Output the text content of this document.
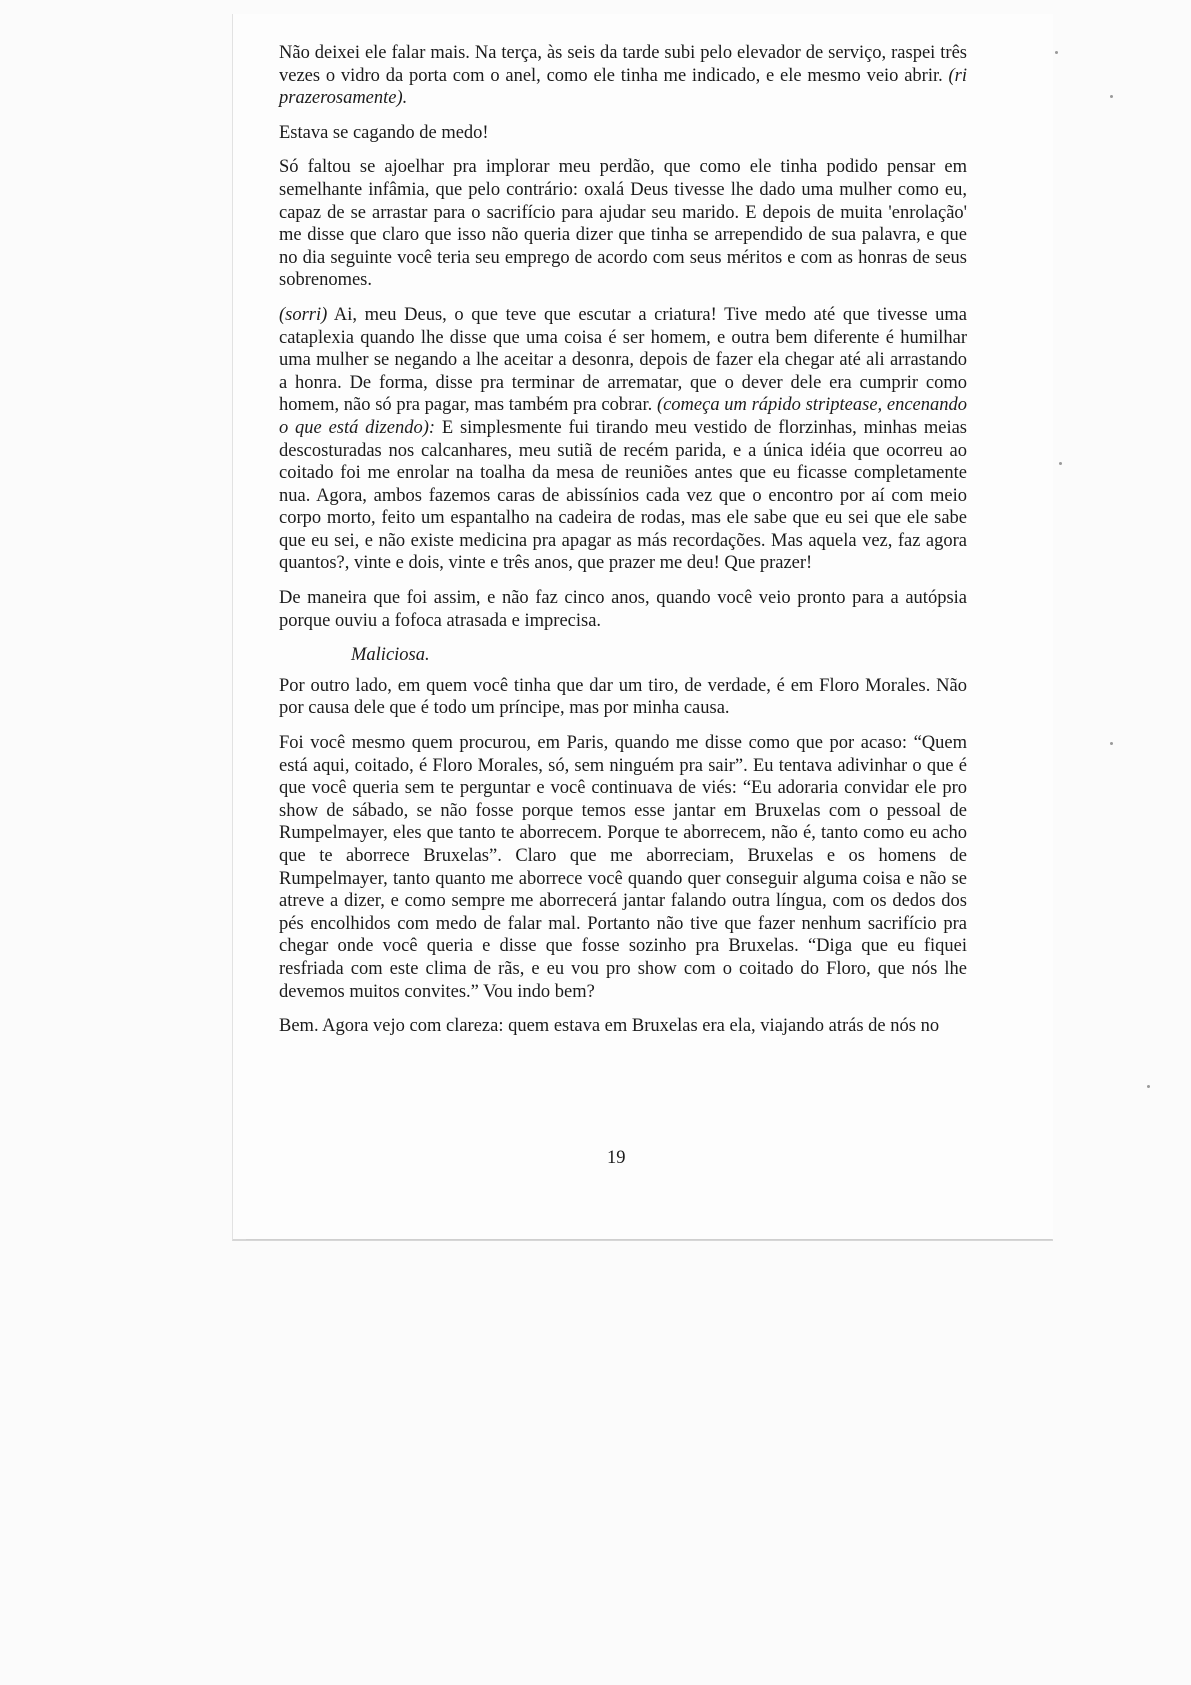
Não deixei ele falar mais. Na terça, às seis da tarde subi pelo elevador de serviço, raspei três vezes o vidro da porta com o anel, como ele tinha me indicado, e ele mesmo veio abrir. (ri prazerosamente).

Estava se cagando de medo!

Só faltou se ajoelhar pra implorar meu perdão, que como ele tinha podido pensar em semelhante infâmia, que pelo contrário: oxalá Deus tivesse lhe dado uma mulher como eu, capaz de se arrastar para o sacrifício para ajudar seu marido. E depois de muita 'enrolação' me disse que claro que isso não queria dizer que tinha se arrependido de sua palavra, e que no dia seguinte você teria seu emprego de acordo com seus méritos e com as honras de seus sobrenomes.

(sorri) Ai, meu Deus, o que teve que escutar a criatura! Tive medo até que tivesse uma cataplexia quando lhe disse que uma coisa é ser homem, e outra bem diferente é humilhar uma mulher se negando a lhe aceitar a desonra, depois de fazer ela chegar até ali arrastando a honra. De forma, disse pra terminar de arrematar, que o dever dele era cumprir como homem, não só pra pagar, mas também pra cobrar. (começa um rápido striptease, encenando o que está dizendo): E simplesmente fui tirando meu vestido de florzinhas, minhas meias descosturadas nos calcanhares, meu sutiã de recém parida, e a única idéia que ocorreu ao coitado foi me enrolar na toalha da mesa de reuniões antes que eu ficasse completamente nua. Agora, ambos fazemos caras de abissínios cada vez que o encontro por aí com meio corpo morto, feito um espantalho na cadeira de rodas, mas ele sabe que eu sei que ele sabe que eu sei, e não existe medicina pra apagar as más recordações. Mas aquela vez, faz agora quantos?, vinte e dois, vinte e três anos, que prazer me deu! Que prazer!

De maneira que foi assim, e não faz cinco anos, quando você veio pronto para a autópsia porque ouviu a fofoca atrasada e imprecisa.

Maliciosa.

Por outro lado, em quem você tinha que dar um tiro, de verdade, é em Floro Morales. Não por causa dele que é todo um príncipe, mas por minha causa.

Foi você mesmo quem procurou, em Paris, quando me disse como que por acaso: “Quem está aqui, coitado, é Floro Morales, só, sem ninguém pra sair”. Eu tentava adivinhar o que é que você queria sem te perguntar e você continuava de viés: “Eu adoraria convidar ele pro show de sábado, se não fosse porque temos esse jantar em Bruxelas com o pessoal de Rumpelmayer, eles que tanto te aborrecem. Porque te aborrecem, não é, tanto como eu acho que te aborrece Bruxelas”. Claro que me aborreciam, Bruxelas e os homens de Rumpelmayer, tanto quanto me aborrece você quando quer conseguir alguma coisa e não se atreve a dizer, e como sempre me aborrecerá jantar falando outra língua, com os dedos dos pés encolhidos com medo de falar mal. Portanto não tive que fazer nenhum sacrifício pra chegar onde você queria e disse que fosse sozinho pra Bruxelas. “Diga que eu fiquei resfriada com este clima de rãs, e eu vou pro show com o coitado do Floro, que nós lhe devemos muitos convites.” Vou indo bem?

Bem. Agora vejo com clareza: quem estava em Bruxelas era ela, viajando atrás de nós no

19
